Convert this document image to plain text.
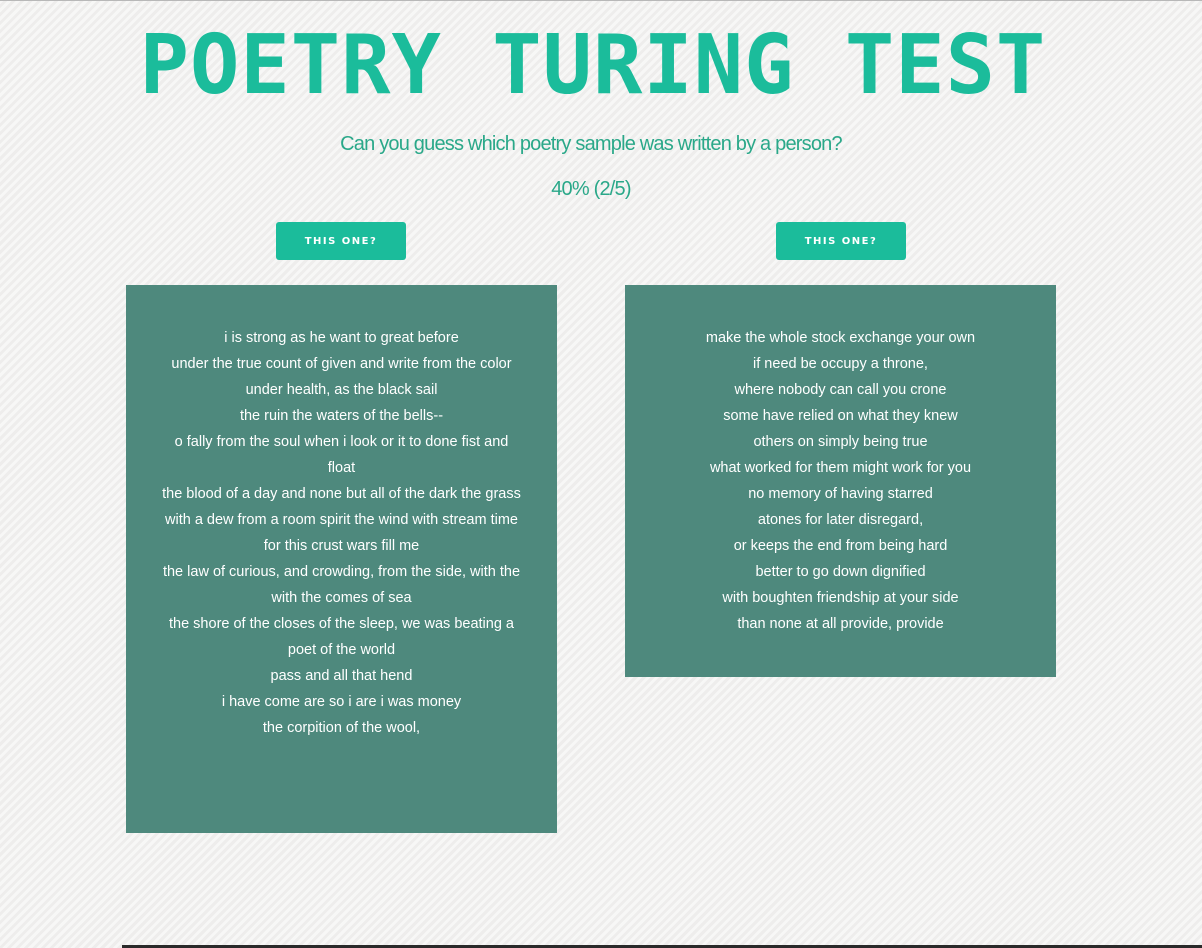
POETRY TURING TEST
Can you guess which poetry sample was written by a person?
40% (2/5)
THIS ONE?	THIS ONE?

i is strong as he want to great before

under the true count of given and write from the color

under health, as the black sail

the ruin the waters of the bells--

o fally from the soul when i look or it to done fist and float

the blood of a day and none but all of the dark the grass

with a dew from a room spirit the wind with stream time

for this crust wars fill me

the law of curious, and crowding, from the side, with the with the comes of sea

the shore of the closes of the sleep, we was beating a poet of the world

pass and all that hend

i have come are so i are i was money

the corpition of the wool,

make the whole stock exchange your own

if need be occupy a throne,

where nobody can call you crone

some have relied on what they knew

others on simply being true

what worked for them might work for you

no memory of having starred

atones for later disregard,

or keeps the end from being hard

better to go down dignified

with boughten friendship at your side

than none at all provide, provide
